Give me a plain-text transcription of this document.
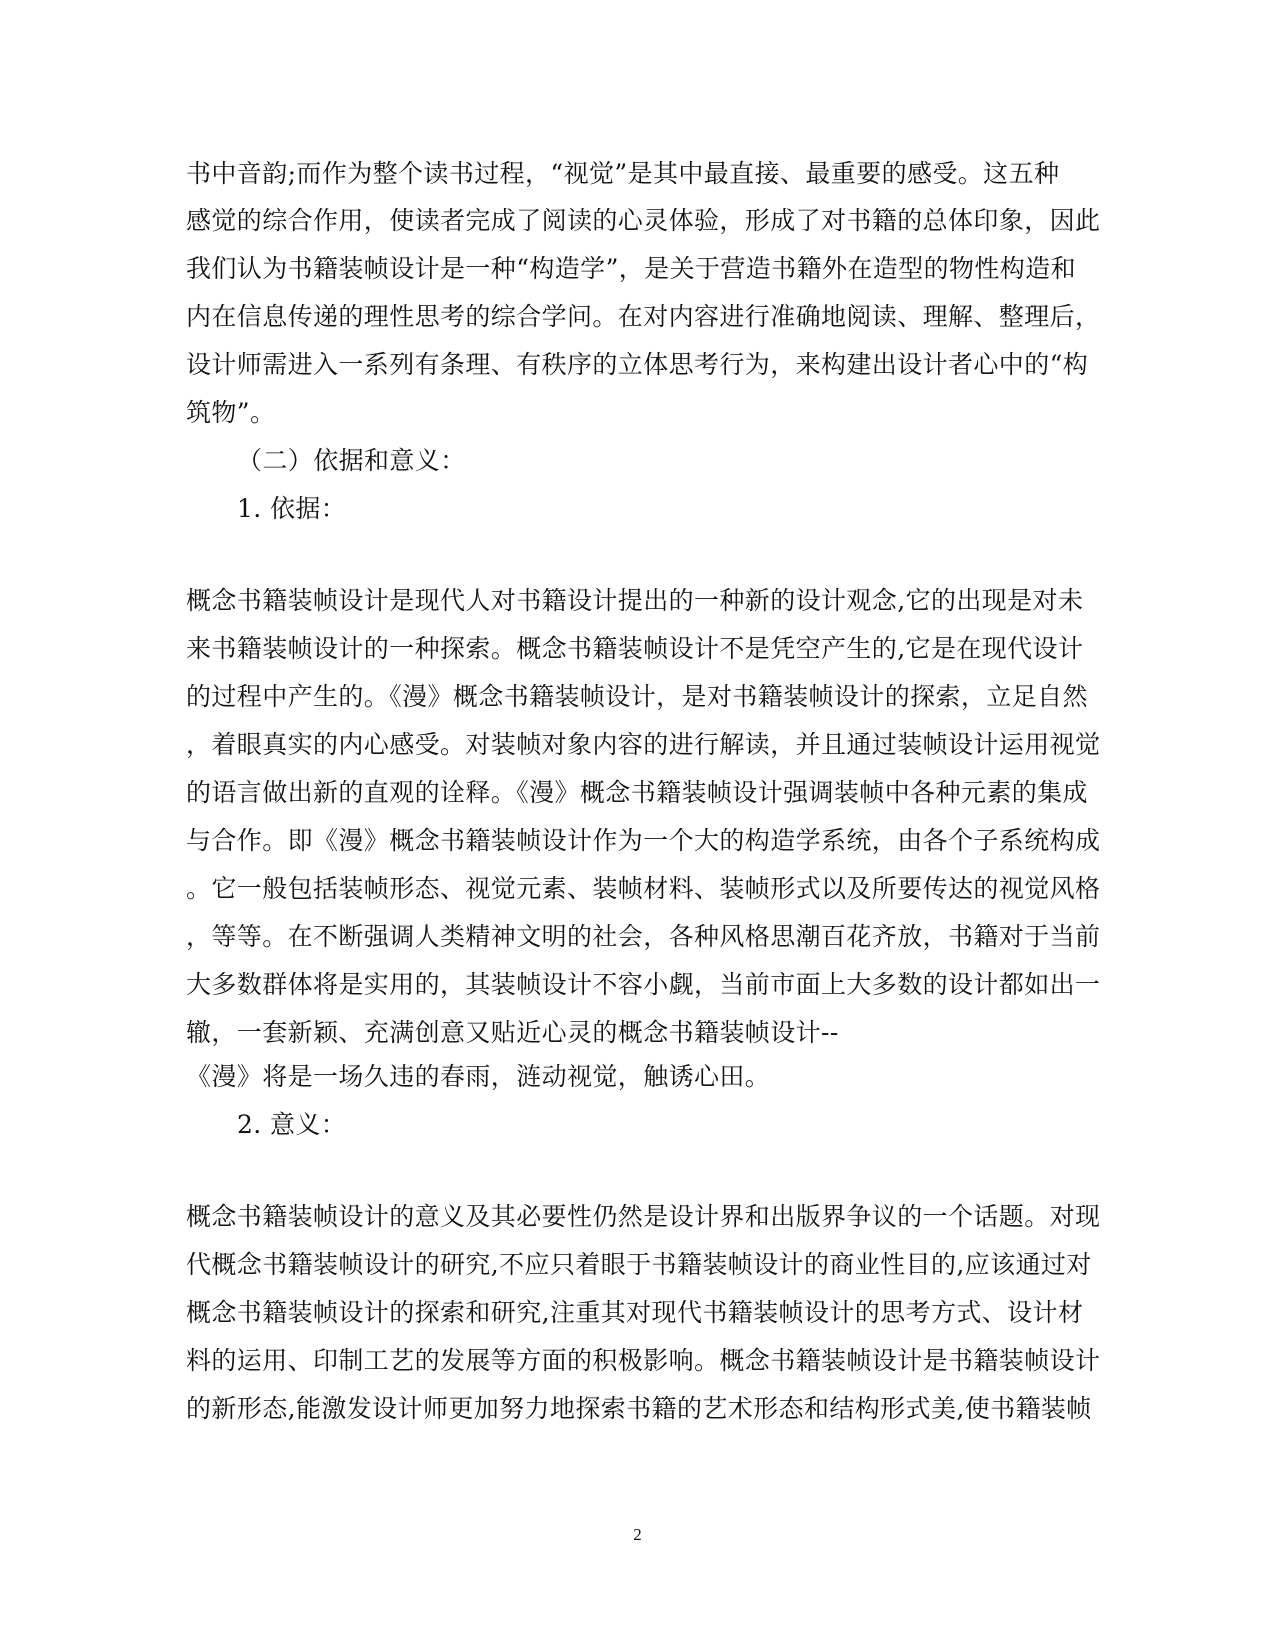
书中音韵;而作为整个读书过程，“视觉”是其中最直接、最重要的感受。这五种
感觉的综合作用，使读者完成了阅读的心灵体验，形成了对书籍的总体印象，因此
我们认为书籍装帧设计是一种“构造学”，是关于营造书籍外在造型的物性构造和
内在信息传递的理性思考的综合学问。在对内容进行准确地阅读、理解、整理后，
设计师需进入一系列有条理、有秩序的立体思考行为，来构建出设计者心中的“构
筑物”。
（二）依据和意义：
1. 依据：
概念书籍装帧设计是现代人对书籍设计提出的一种新的设计观念,它的出现是对未
来书籍装帧设计的一种探索。概念书籍装帧设计不是凭空产生的,它是在现代设计
的过程中产生的。《漫》概念书籍装帧设计，是对书籍装帧设计的探索，立足自然
，着眼真实的内心感受。对装帧对象内容的进行解读，并且通过装帧设计运用视觉
的语言做出新的直观的诠释。《漫》概念书籍装帧设计强调装帧中各种元素的集成
与合作。即《漫》概念书籍装帧设计作为一个大的构造学系统，由各个子系统构成
。它一般包括装帧形态、视觉元素、装帧材料、装帧形式以及所要传达的视觉风格
，等等。在不断强调人类精神文明的社会，各种风格思潮百花齐放，书籍对于当前
大多数群体将是实用的，其装帧设计不容小觑，当前市面上大多数的设计都如出一
辙，一套新颖、充满创意又贴近心灵的概念书籍装帧设计--
《漫》将是一场久违的春雨，涟动视觉，触诱心田。
2. 意义：
概念书籍装帧设计的意义及其必要性仍然是设计界和出版界争议的一个话题。对现
代概念书籍装帧设计的研究,不应只着眼于书籍装帧设计的商业性目的,应该通过对
概念书籍装帧设计的探索和研究,注重其对现代书籍装帧设计的思考方式、设计材
料的运用、印制工艺的发展等方面的积极影响。概念书籍装帧设计是书籍装帧设计
的新形态,能激发设计师更加努力地探索书籍的艺术形态和结构形式美,使书籍装帧
2
